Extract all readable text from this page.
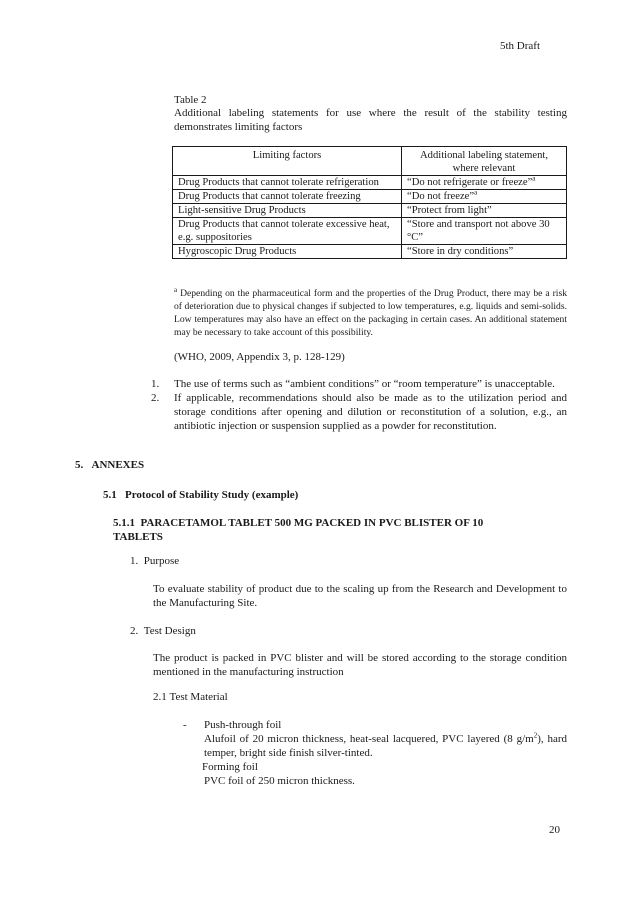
5th Draft
Table 2
Additional labeling statements for use where the result of the stability testing demonstrates limiting factors
Limiting factors	Additional labeling statement, where relevant
Drug Products that cannot tolerate refrigeration	“Do not refrigerate or freeze”$^a$
Drug Products that cannot tolerate freezing	“Do not freeze”$^a$
Light-sensitive Drug Products	“Protect from light”
Drug Products that cannot tolerate excessive heat, e.g. suppositories	“Store and transport not above 30 °C”
Hygroscopic Drug Products	“Store in dry conditions”
$^a$ Depending on the pharmaceutical form and the properties of the Drug Product, there may be a risk of deterioration due to physical changes if subjected to low temperatures, e.g. liquids and semi-solids. Low temperatures may also have an effect on the packaging in certain cases. An additional statement may be necessary to take account of this possibility.
(WHO, 2009, Appendix 3, p. 128-129)
1. The use of terms such as “ambient conditions” or “room temperature” is unacceptable.
2. If applicable, recommendations should also be made as to the utilization period and storage conditions after opening and dilution or reconstitution of a solution, e.g., an antibiotic injection or suspension supplied as a powder for reconstitution.
5. ANNEXES
5.1 Protocol of Stability Study (example)
5.1.1 PARACETAMOL TABLET 500 MG PACKED IN PVC BLISTER OF 10 TABLETS
1. Purpose
To evaluate stability of product due to the scaling up from the Research and Development to the Manufacturing Site.
2. Test Design
The product is packed in PVC blister and will be stored according to the storage condition mentioned in the manufacturing instruction
2.1 Test Material
- Push-through foil
Alufoil of 20 micron thickness, heat-seal lacquered, PVC layered (8 $g/m^2$), hard temper, bright side finish silver-tinted.
Forming foil
PVC foil of 250 micron thickness.
20
